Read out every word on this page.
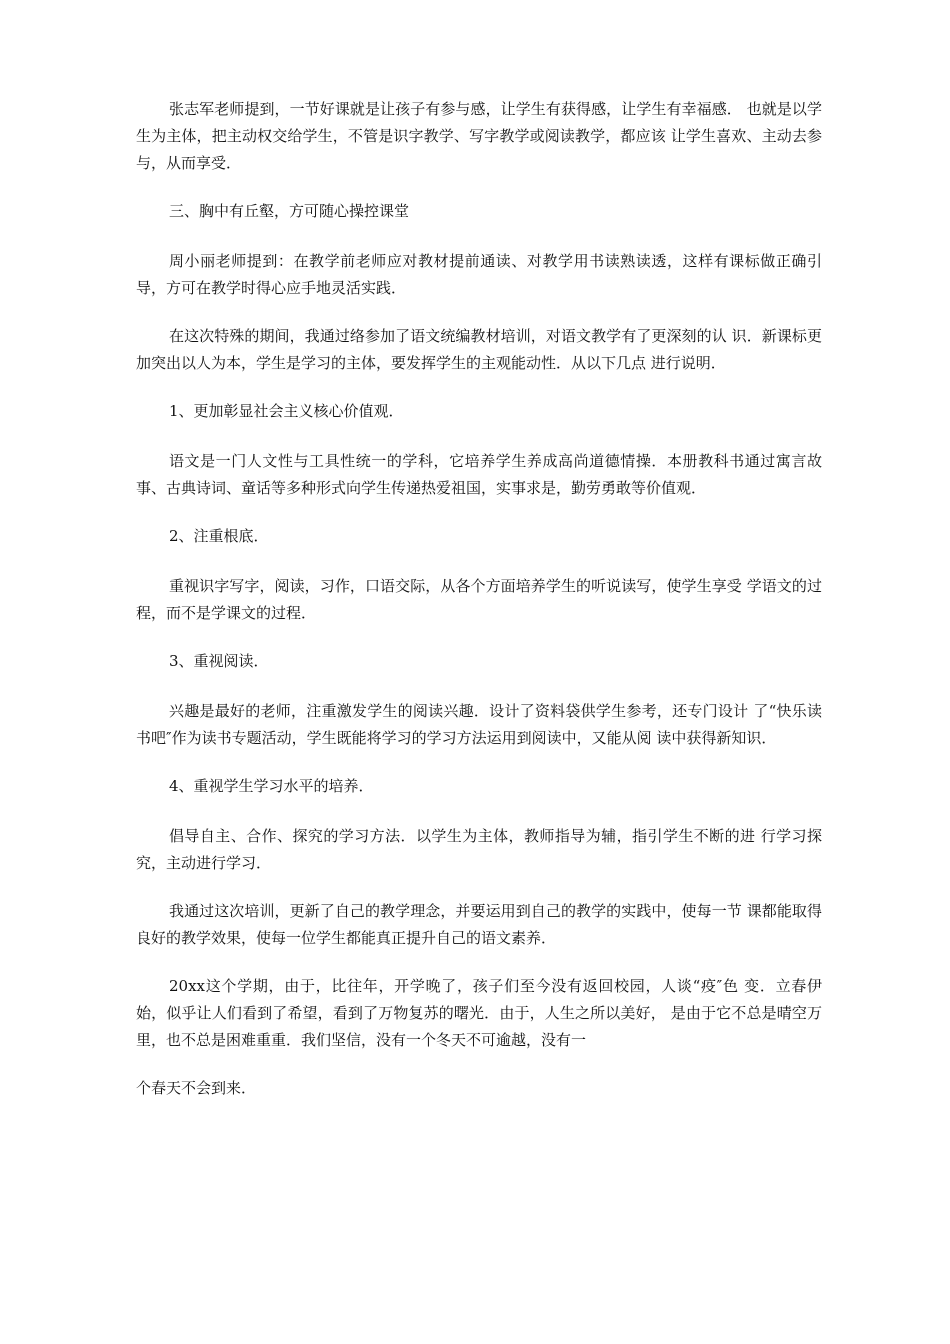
张志军老师提到，一节好课就是让孩子有参与感，让学生有获得感，让学生有幸福感． 也就是以学生为主体，把主动权交给学生，不管是识字教学、写字教学或阅读教学，都应该 让学生喜欢、主动去参与，从而享受．

三、胸中有丘壑，方可随心操控课堂

周小丽老师提到：在教学前老师应对教材提前通读、对教学用书读熟读透，这样有课标做正确引导，方可在教学时得心应手地灵活实践．

在这次特殊的期间，我通过络参加了语文统编教材培训，对语文教学有了更深刻的认 识．新课标更加突出以人为本，学生是学习的主体，要发挥学生的主观能动性．从以下几点 进行说明．

1、更加彰显社会主义核心价值观．

语文是一门人文性与工具性统一的学科，它培养学生养成高尚道德情操．本册教科书通过寓言故事、古典诗词、童话等多种形式向学生传递热爱祖国，实事求是，勤劳勇敢等价值观．

2、注重根底．

重视识字写字，阅读，习作，口语交际，从各个方面培养学生的听说读写，使学生享受 学语文的过程，而不是学课文的过程．

3、重视阅读．

兴趣是最好的老师，注重激发学生的阅读兴趣．设计了资料袋供学生参考，还专门设计 了“快乐读书吧″作为读书专题活动，学生既能将学习的学习方法运用到阅读中，又能从阅 读中获得新知识．

4、重视学生学习水平的培养．

倡导自主、合作、探究的学习方法．以学生为主体，教师指导为辅，指引学生不断的进 行学习探究，主动进行学习．

我通过这次培训，更新了自己的教学理念，并要运用到自己的教学的实践中，使每一节 课都能取得良好的教学效果，使每一位学生都能真正提升自己的语文素养．

20xx这个学期，由于，比往年，开学晚了，孩子们至今没有返回校园，人谈“疫″色 变．立春伊始，似乎让人们看到了希望，看到了万物复苏的曙光．由于，人生之所以美好， 是由于它不总是晴空万里，也不总是困难重重．我们坚信，没有一个冬天不可逾越，没有一

个春天不会到来．
